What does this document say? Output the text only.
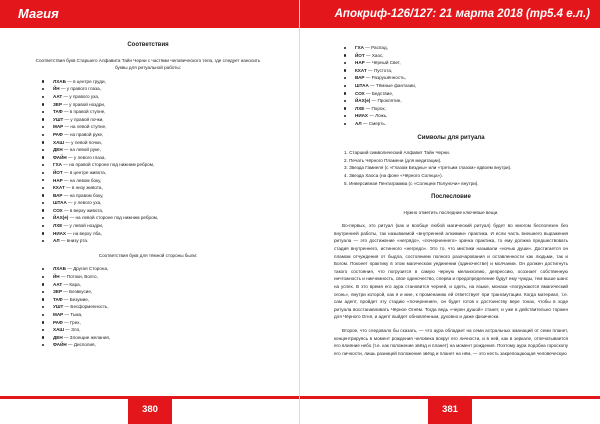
Магия
Соответствия
Соответствия букв Старшего Алфавита Тайн Черни с частями человеческого тела, где следует наносить буквы для ритуальной работы:
ЛХАБ — в центре груди,
ЙН — у правого глаза,
ААТ — у правого уха,
ЗЕР — у правой ноздри,
ТАФ — в правой ступне,
УШТ — у правой почки,
МАР — на левой ступне,
РАФ — на правой руке,
ХАШ — у левой почки,
ДЕН — на левой руке,
ФАЙН — у левого глаза,
ГХА — на правой стороне под нижним ребром,
ЙОТ — в центре живота,
НАР — на левом боку,
КХАТ — в низу живота,
ВАР — на правом боку,
ШТАА — у левого уха,
СОХ — в верху живота,
ЙАХ(е) — на левой стороне под нижним ребром,
ЛХЕ — у левой ноздри,
НИАХ — на верху лба,
АЛ — внизу рта.
Соответствия букв для тёмной стороны были:
ЛХАБ — Другая Сторона,
ЙН — Потоки, Волго,
ААТ — Кара,
ЗЕР — Безвкусие,
ТАФ — Безумие,
УШТ — Бесформенность,
МАР — Тьма,
РАФ — Грех,
ХАШ — Зло,
ДЕН — Злоещие желания,
ФАЙН — Дисполия,
380
Апокриф-126/127: 21 марта 2018 (тр5.4 е.л.)
ГХА — Распад,
ЙОТ — Хаос,
НАР — Чёрный Свет,
КХАТ — Пустота,
ВАР — Разрушённость,
ШТАА — Тёмные фантазии,
СОХ — Бедствие,
ЙАХ(е) — Проклятие,
ЛХЕ — Порок,
НИАХ — Ложь,
АЛ — Смерть.
Символы для ритуала
1. Старший символический Алфавит Тайн Черни.
2. Печать Чёрного Пламени (для медитации).
3. Звезда Гамиеля (с «Глазом Бездны» или «третьим глазом» вдвоем внутри).
4. Звезда Хаоса (на фоне «Чёрного Солнца»).
5. Инверсивная Пентаграмма (с «Солнцем Полуночи» внутри).
Послесловие
Нужно отметить последние ключевые вещи.
Во-первых, это ритуал (как и вообще любой магический ритуал) будет во многом бесполезен без внутренней работы, так называемой «внутренней алхимии» практика. И если часть внешнего выражения ритуала — это достижение «негрядо», «почерненнего» зрачка практика, то ему должна предшествовать стадия внутреннего, истинного «негредо». Это то, что мистики называли «ночью души». Достигается он пламом отчуждения от быдла, состоянием полного разочарования и оставленности как людьми, так и Богом. Покоеет практику в этом магическом уединении (одиночестве) и молчании. Он должен достигнуть такого состояния, что погрузится в самую черную меланхолию, депрессию, осознает собственную ничтожность и никчемность, свое одиночество, сперва и предопределение будут ему чужды, тем выше шанс на успех. В это время его аура становится черней, и одеть, на языке, монахи «погружаются вмагический огонь», внутри которой, как я и мне, к променанию ей ответствует при трансмутации. Когда материал, т.е. сам адепт, пройдет эту стадию «почернения», он будет готов к достоинству вере тонах, чтобы в ходе ритуала восстанавливать Чёрное Огнём. Тогда ведь «черен душой» станет, и уже в действительно торжен для Чёрного Огня, и адепт выйдет обновлённым, духовно и даже физически.
Второе, что следовало бы сказать, — что аура обладает на семи астральных эманаций от семи планет, концентрируясь в момент рождения человека вокруг его личности, и в ней, как в зеркале, отпечатывается его влияние небо (т.е. как положение звёзд и планет) на момент рождения. Поэтому аура подобна гороскопу его личности, лишь разницей положение звёзд и планет на нём, — это несть закрепощающая человеческую
381
